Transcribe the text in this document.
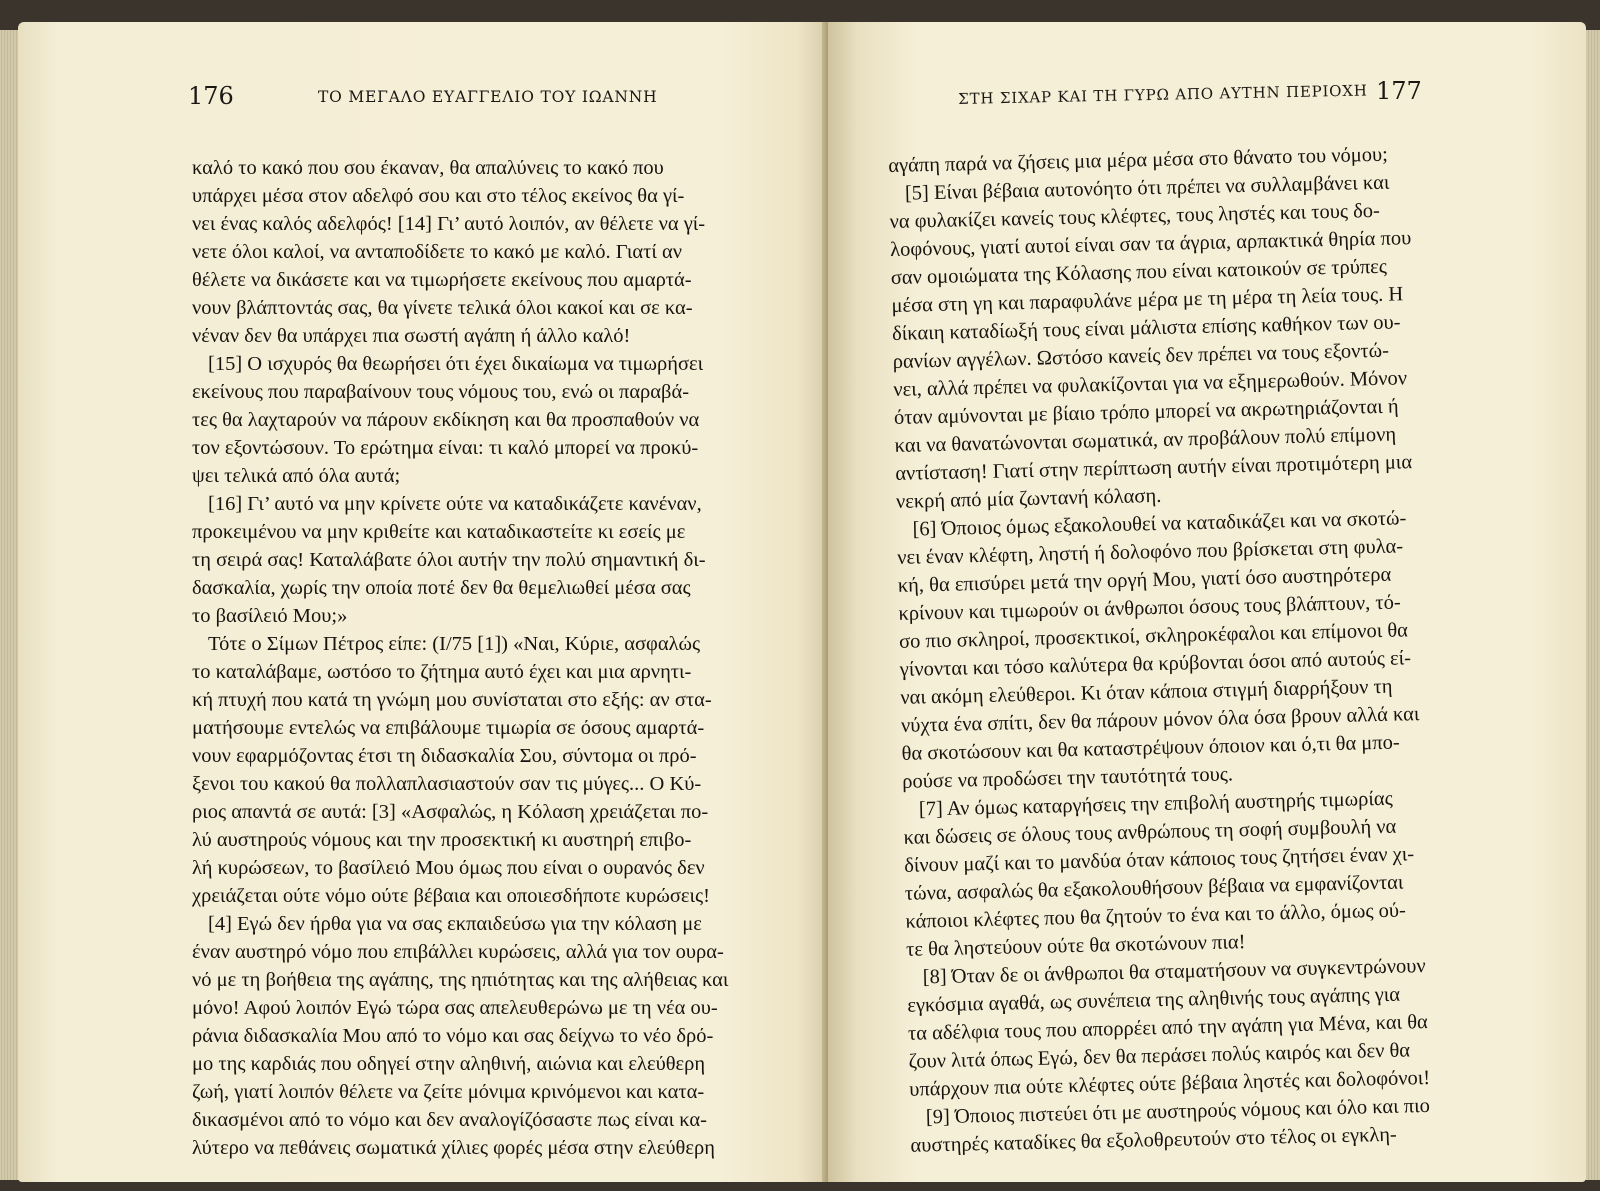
176	ΤΟ ΜΕΓΑΛΟ ΕΥΑΓΓΕΛΙΟ ΤΟΥ ΙΩΑΝΝΗ

καλό το κακό που σου έκαναν, θα απαλύνεις το κακό που

υπάρχει μέσα στον αδελφό σου και στο τέλος εκείνος θα γί-

νει ένας καλός αδελφός! [14] Γι’ αυτό λοιπόν, αν θέλετε να γί-

νετε όλοι καλοί, να ανταποδίδετε το κακό με καλό. Γιατί αν

θέλετε να δικάσετε και να τιμωρήσετε εκείνους που αμαρτά-

νουν βλάπτοντάς σας, θα γίνετε τελικά όλοι κακοί και σε κα-

νέναν δεν θα υπάρχει πια σωστή αγάπη ή άλλο καλό!

[15] Ο ισχυρός θα θεωρήσει ότι έχει δικαίωμα να τιμωρήσει

εκείνους που παραβαίνουν τους νόμους του, ενώ οι παραβά-

τες θα λαχταρούν να πάρουν εκδίκηση και θα προσπαθούν να

τον εξοντώσουν. Το ερώτημα είναι: τι καλό μπορεί να προκύ-

ψει τελικά από όλα αυτά;

[16] Γι’ αυτό να μην κρίνετε ούτε να καταδικάζετε κανέναν,

προκειμένου να μην κριθείτε και καταδικαστείτε κι εσείς με

τη σειρά σας! Καταλάβατε όλοι αυτήν την πολύ σημαντική δι-

δασκαλία, χωρίς την οποία ποτέ δεν θα θεμελιωθεί μέσα σας

το βασίλειό Μου;»

Τότε ο Σίμων Πέτρος είπε: (I/75 [1]) «Ναι, Κύριε, ασφαλώς

το καταλάβαμε, ωστόσο το ζήτημα αυτό έχει και μια αρνητι-

κή πτυχή που κατά τη γνώμη μου συνίσταται στο εξής: αν στα-

ματήσουμε εντελώς να επιβάλουμε τιμωρία σε όσους αμαρτά-

νουν εφαρμόζοντας έτσι τη διδασκαλία Σου, σύντομα οι πρό-

ξενοι του κακού θα πολλαπλασιαστούν σαν τις μύγες... Ο Κύ-

ριος απαντά σε αυτά: [3] «Ασφαλώς, η Κόλαση χρειάζεται πο-

λύ αυστηρούς νόμους και την προσεκτική κι αυστηρή επιβο-

λή κυρώσεων, το βασίλειό Μου όμως που είναι ο ουρανός δεν

χρειάζεται ούτε νόμο ούτε βέβαια και οποιεσδήποτε κυρώσεις!

[4] Εγώ δεν ήρθα για να σας εκπαιδεύσω για την κόλαση με

έναν αυστηρό νόμο που επιβάλλει κυρώσεις, αλλά για τον ουρα-

νό με τη βοήθεια της αγάπης, της ηπιότητας και της αλήθειας και

μόνο! Αφού λοιπόν Εγώ τώρα σας απελευθερώνω με τη νέα ου-

ράνια διδασκαλία Μου από το νόμο και σας δείχνω το νέο δρό-

μο της καρδιάς που οδηγεί στην αληθινή, αιώνια και ελεύθερη

ζωή, γιατί λοιπόν θέλετε να ζείτε μόνιμα κρινόμενοι και κατα-

δικασμένοι από το νόμο και δεν αναλογίζόσαστε πως είναι κα-

λύτερο να πεθάνεις σωματικά χίλιες φορές μέσα στην ελεύθερη

ΣΤΗ ΣΙΧΑΡ ΚΑΙ ΤΗ ΓΥΡΩ ΑΠΟ ΑΥΤΗΝ ΠΕΡΙΟΧΗ 177

αγάπη παρά να ζήσεις μια μέρα μέσα στο θάνατο του νόμου;

[5] Είναι βέβαια αυτονόητο ότι πρέπει να συλλαμβάνει και

να φυλακίζει κανείς τους κλέφτες, τους ληστές και τους δο-

λοφόνους, γιατί αυτοί είναι σαν τα άγρια, αρπακτικά θηρία που

σαν ομοιώματα της Κόλασης που είναι κατοικούν σε τρύπες

μέσα στη γη και παραφυλάνε μέρα με τη μέρα τη λεία τους. Η

δίκαιη καταδίωξή τους είναι μάλιστα επίσης καθήκον των ου-

ρανίων αγγέλων. Ωστόσο κανείς δεν πρέπει να τους εξοντώ-

νει, αλλά πρέπει να φυλακίζονται για να εξημερωθούν. Μόνον

όταν αμύνονται με βίαιο τρόπο μπορεί να ακρωτηριάζονται ή

και να θανατώνονται σωματικά, αν προβάλουν πολύ επίμονη

αντίσταση! Γιατί στην περίπτωση αυτήν είναι προτιμότερη μια

νεκρή από μία ζωντανή κόλαση.

[6] Όποιος όμως εξακολουθεί να καταδικάζει και να σκοτώ-

νει έναν κλέφτη, ληστή ή δολοφόνο που βρίσκεται στη φυλα-

κή, θα επισύρει μετά την οργή Μου, γιατί όσο αυστηρότερα

κρίνουν και τιμωρούν οι άνθρωποι όσους τους βλάπτουν, τό-

σο πιο σκληροί, προσεκτικοί, σκληροκέφαλοι και επίμονοι θα

γίνονται και τόσο καλύτερα θα κρύβονται όσοι από αυτούς εί-

ναι ακόμη ελεύθεροι. Κι όταν κάποια στιγμή διαρρήξουν τη

νύχτα ένα σπίτι, δεν θα πάρουν μόνον όλα όσα βρουν αλλά και

θα σκοτώσουν και θα καταστρέψουν όποιον και ό,τι θα μπο-

ρούσε να προδώσει την ταυτότητά τους.

[7] Αν όμως καταργήσεις την επιβολή αυστηρής τιμωρίας

και δώσεις σε όλους τους ανθρώπους τη σοφή συμβουλή να

δίνουν μαζί και το μανδύα όταν κάποιος τους ζητήσει έναν χι-

τώνα, ασφαλώς θα εξακολουθήσουν βέβαια να εμφανίζονται

κάποιοι κλέφτες που θα ζητούν το ένα και το άλλο, όμως ού-

τε θα ληστεύουν ούτε θα σκοτώνουν πια!

[8] Όταν δε οι άνθρωποι θα σταματήσουν να συγκεντρώνουν

εγκόσμια αγαθά, ως συνέπεια της αληθινής τους αγάπης για

τα αδέλφια τους που απορρέει από την αγάπη για Μένα, και θα

ζουν λιτά όπως Εγώ, δεν θα περάσει πολύς καιρός και δεν θα

υπάρχουν πια ούτε κλέφτες ούτε βέβαια ληστές και δολοφόνοι!

[9] Όποιος πιστεύει ότι με αυστηρούς νόμους και όλο και πιο

αυστηρές καταδίκες θα εξολοθρευτούν στο τέλος οι εγκλη-
